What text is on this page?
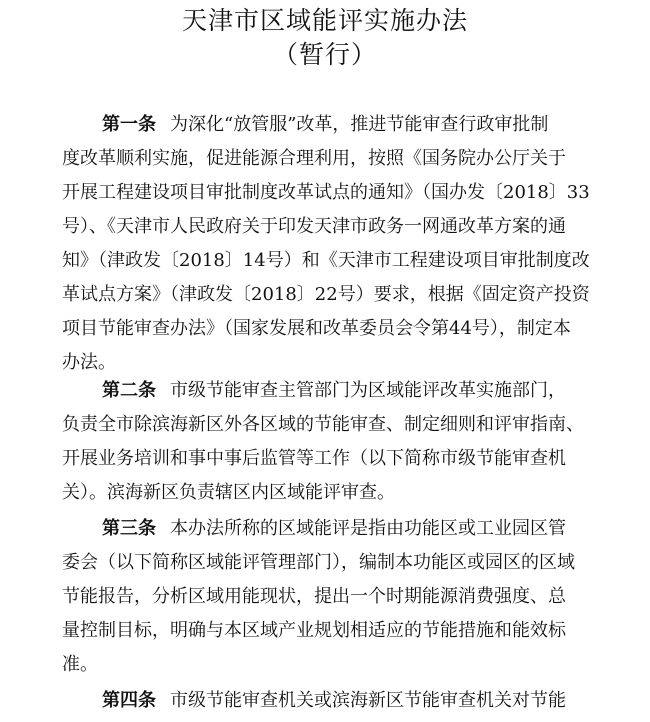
天津市区域能评实施办法
（暂行）
第一条 为深化“放管服”改革，推进节能审查行政审批制
度改革顺利实施，促进能源合理利用，按照《国务院办公厅关于
开展工程建设项目审批制度改革试点的通知》（国办发〔2018〕33
号）、《天津市人民政府关于印发天津市政务一网通改革方案的通
知》（津政发〔2018〕14号）和《天津市工程建设项目审批制度改
革试点方案》（津政发〔2018〕22号）要求，根据《固定资产投资
项目节能审查办法》（国家发展和改革委员会令第44号），制定本
办法。
第二条 市级节能审查主管部门为区域能评改革实施部门，
负责全市除滨海新区外各区域的节能审查、制定细则和评审指南、
开展业务培训和事中事后监管等工作（以下简称市级节能审查机
关）。滨海新区负责辖区内区域能评审查。
第三条 本办法所称的区域能评是指由功能区或工业园区管
委会（以下简称区域能评管理部门），编制本功能区或园区的区域
节能报告，分析区域用能现状，提出一个时期能源消费强度、总
量控制目标，明确与本区域产业规划相适应的节能措施和能效标
准。
第四条 市级节能审查机关或滨海新区节能审查机关对节能
